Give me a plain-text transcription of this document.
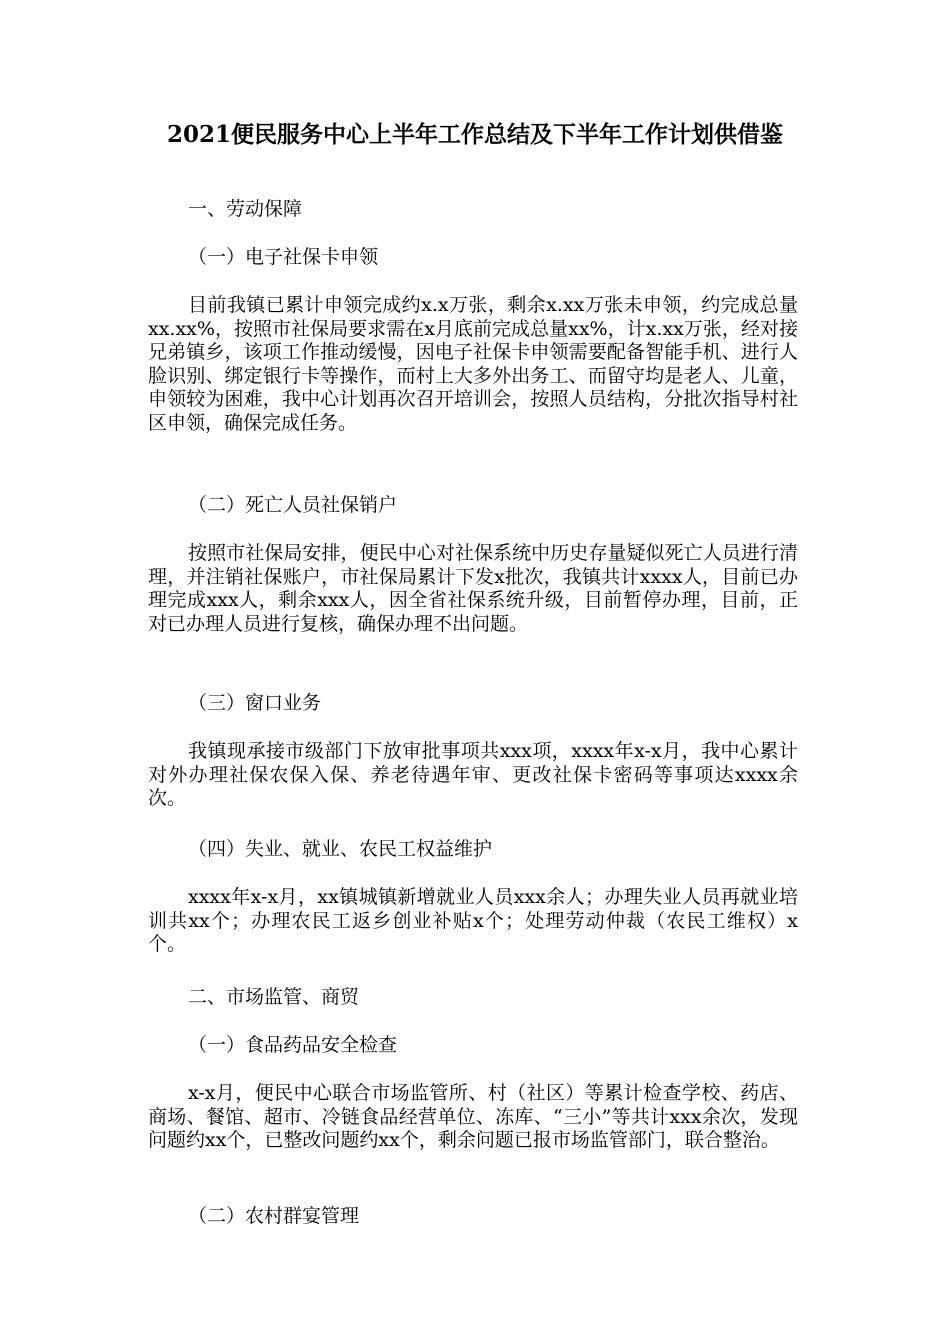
2021便民服务中心上半年工作总结及下半年工作计划供借鉴

一、劳动保障

（一）电子社保卡申领

目前我镇已累计申领完成约x.x万张，剩余x.xx万张未申领，约完成总量xx.xx%，按照市社保局要求需在x月底前完成总量xx%，计x.xx万张，经对接兄弟镇乡，该项工作推动缓慢，因电子社保卡申领需要配备智能手机、进行人脸识别、绑定银行卡等操作，而村上大多外出务工、而留守均是老人、儿童，申领较为困难，我中心计划再次召开培训会，按照人员结构，分批次指导村社区申领，确保完成任务。

（二）死亡人员社保销户

按照市社保局安排，便民中心对社保系统中历史存量疑似死亡人员进行清理，并注销社保账户，市社保局累计下发x批次，我镇共计xxxx人，目前已办理完成xxx人，剩余xxx人，因全省社保系统升级，目前暂停办理，目前，正对已办理人员进行复核，确保办理不出问题。

（三）窗口业务

我镇现承接市级部门下放审批事项共xxx项，xxxx年x-x月，我中心累计对外办理社保农保入保、养老待遇年审、更改社保卡密码等事项达xxxx余次。

（四）失业、就业、农民工权益维护

xxxx年x-x月，xx镇城镇新增就业人员xxx余人；办理失业人员再就业培训共xx个；办理农民工返乡创业补贴x个；处理劳动仲裁（农民工维权）x个。

二、市场监管、商贸

（一）食品药品安全检查

x-x月，便民中心联合市场监管所、村（社区）等累计检查学校、药店、商场、餐馆、超市、冷链食品经营单位、冻库、“三小”等共计xxx余次，发现问题约xx个，已整改问题约xx个，剩余问题已报市场监管部门，联合整治。

（二）农村群宴管理
